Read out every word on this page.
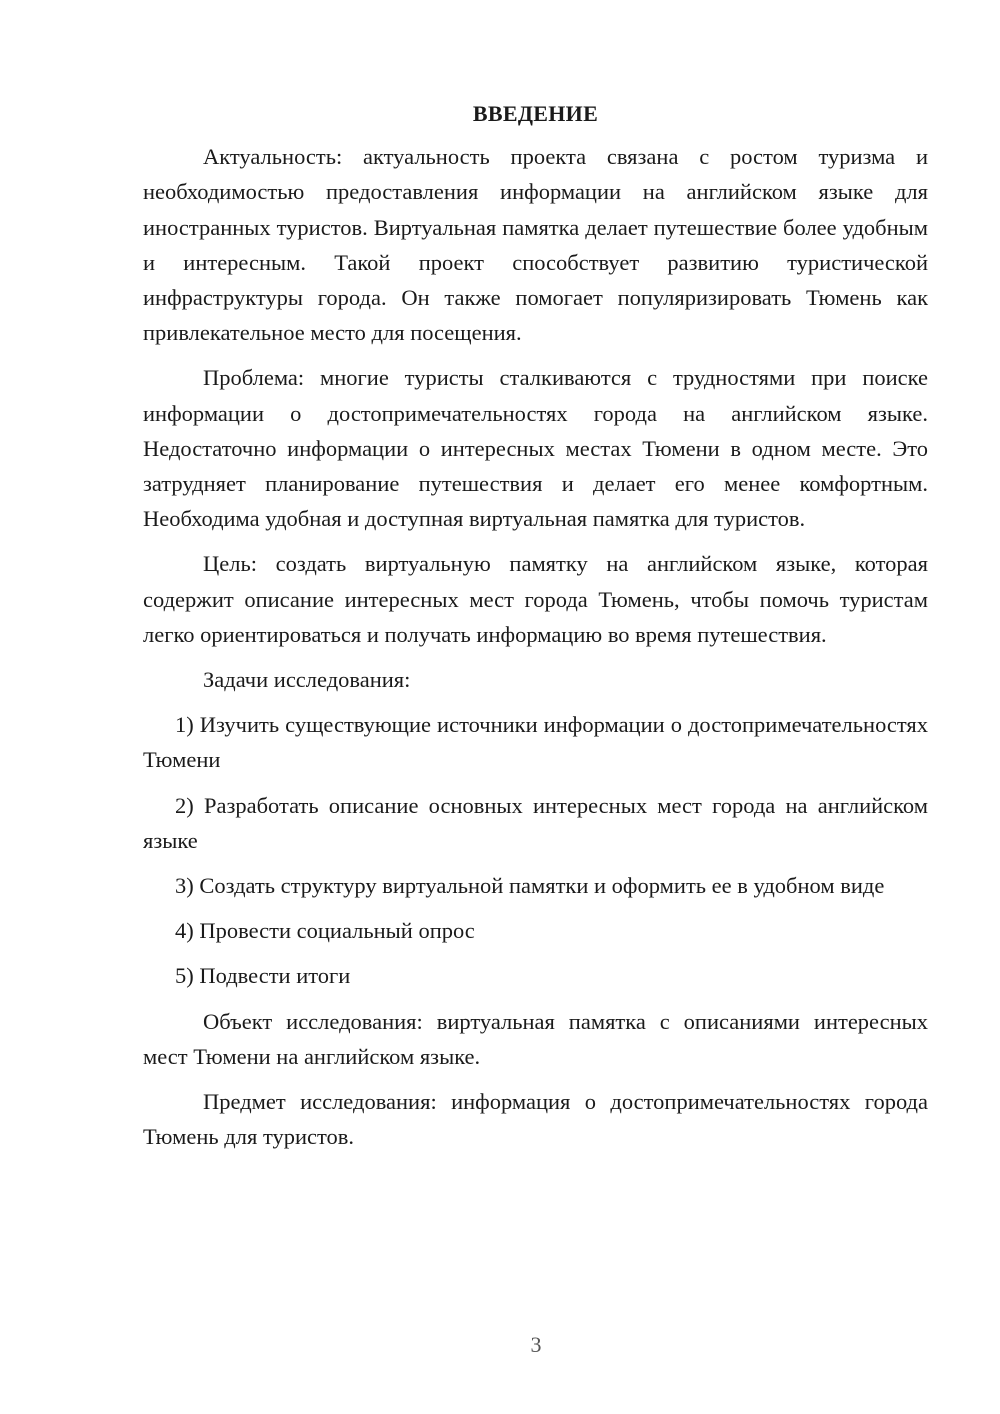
ВВЕДЕНИЕ

Актуальность: актуальность проекта связана с ростом туризма и необходимостью предоставления информации на английском языке для иностранных туристов. Виртуальная памятка делает путешествие более удобным и интересным. Такой проект способствует развитию туристической инфраструктуры города. Он также помогает популяризировать Тюмень как привлекательное место для посещения.

Проблема: многие туристы сталкиваются с трудностями при поиске информации о достопримечательностях города на английском языке. Недостаточно информации о интересных местах Тюмени в одном месте. Это затрудняет планирование путешествия и делает его менее комфортным. Необходима удобная и доступная виртуальная памятка для туристов.

Цель: создать виртуальную памятку на английском языке, которая содержит описание интересных мест города Тюмень, чтобы помочь туристам легко ориентироваться и получать информацию во время путешествия.

Задачи исследования:

1) Изучить существующие источники информации о достопримечательностях Тюмени

2) Разработать описание основных интересных мест города на английском языке

3) Создать структуру виртуальной памятки и оформить ее в удобном виде

4) Провести социальный опрос

5) Подвести итоги

Объект исследования: виртуальная памятка с описаниями интересных мест Тюмени на английском языке.

Предмет исследования: информация о достопримечательностях города Тюмень для туристов.

3
